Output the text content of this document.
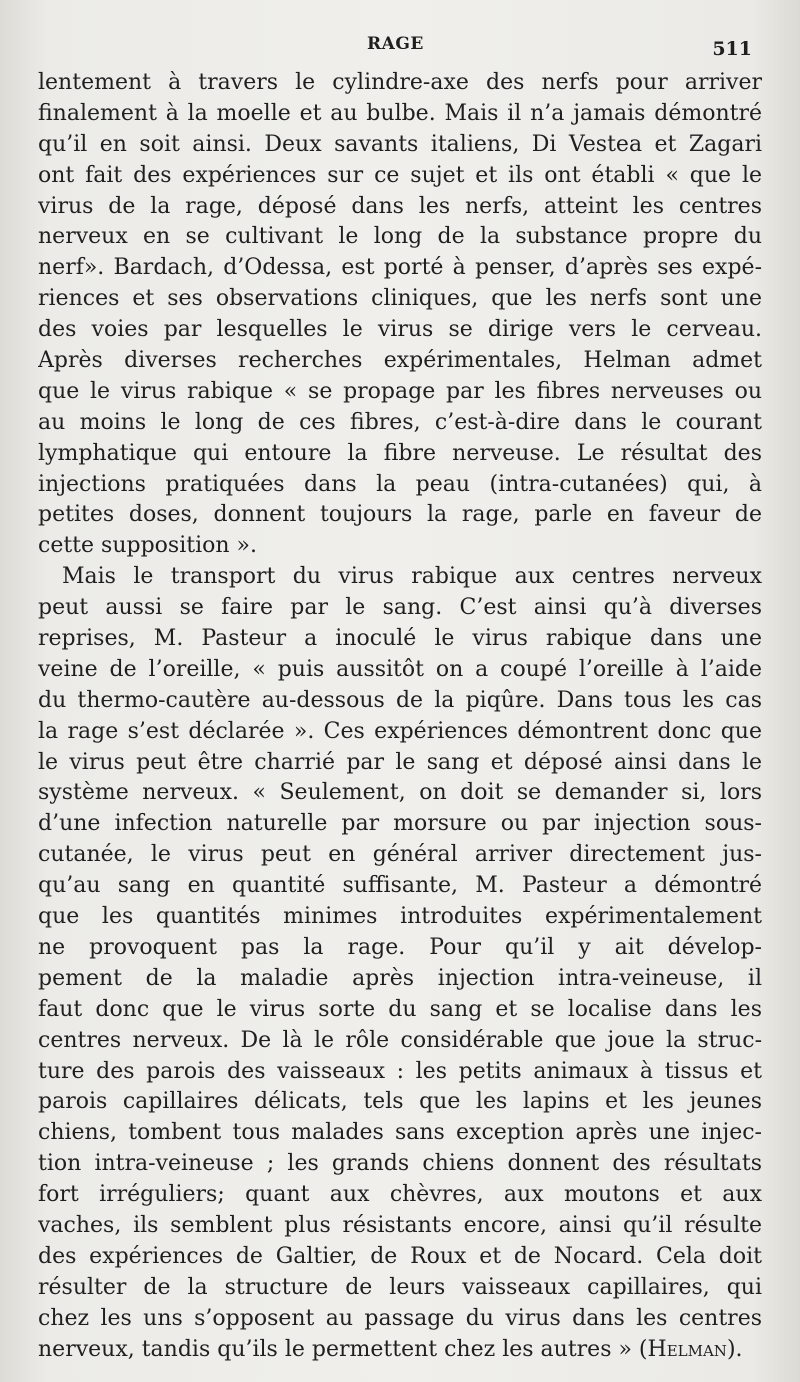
RAGE	511
lentement à travers le cylindre-axe des nerfs pour arriver
finalement à la moelle et au bulbe. Mais il n’a jamais démontré
qu’il en soit ainsi. Deux savants italiens, Di Vestea et Zagari
ont fait des expériences sur ce sujet et ils ont établi « que le
virus de la rage, déposé dans les nerfs, atteint les centres
nerveux en se cultivant le long de la substance propre du
nerf». Bardach, d’Odessa, est porté à penser, d’après ses expé-
riences et ses observations cliniques, que les nerfs sont une
des voies par lesquelles le virus se dirige vers le cerveau.
Après diverses recherches expérimentales, Helman admet
que le virus rabique « se propage par les fibres nerveuses ou
au moins le long de ces fibres, c’est-à-dire dans le courant
lymphatique qui entoure la fibre nerveuse. Le résultat des
injections pratiquées dans la peau (intra-cutanées) qui, à
petites doses, donnent toujours la rage, parle en faveur de
cette supposition ».
Mais le transport du virus rabique aux centres nerveux
peut aussi se faire par le sang. C’est ainsi qu’à diverses
reprises, M. Pasteur a inoculé le virus rabique dans une
veine de l’oreille, « puis aussitôt on a coupé l’oreille à l’aide
du thermo-cautère au-dessous de la piqûre. Dans tous les cas
la rage s’est déclarée ». Ces expériences démontrent donc que
le virus peut être charrié par le sang et déposé ainsi dans le
système nerveux. « Seulement, on doit se demander si, lors
d’une infection naturelle par morsure ou par injection sous-
cutanée, le virus peut en général arriver directement jus-
qu’au sang en quantité suffisante, M. Pasteur a démontré
que les quantités minimes introduites expérimentalement
ne provoquent pas la rage. Pour qu’il y ait dévelop-
pement de la maladie après injection intra-veineuse, il
faut donc que le virus sorte du sang et se localise dans les
centres nerveux. De là le rôle considérable que joue la struc-
ture des parois des vaisseaux : les petits animaux à tissus et
parois capillaires délicats, tels que les lapins et les jeunes
chiens, tombent tous malades sans exception après une injec-
tion intra-veineuse ; les grands chiens donnent des résultats
fort irréguliers; quant aux chèvres, aux moutons et aux
vaches, ils semblent plus résistants encore, ainsi qu’il résulte
des expériences de Galtier, de Roux et de Nocard. Cela doit
résulter de la structure de leurs vaisseaux capillaires, qui
chez les uns s’opposent au passage du virus dans les centres
nerveux, tandis qu’ils le permettent chez les autres » (Helman).
